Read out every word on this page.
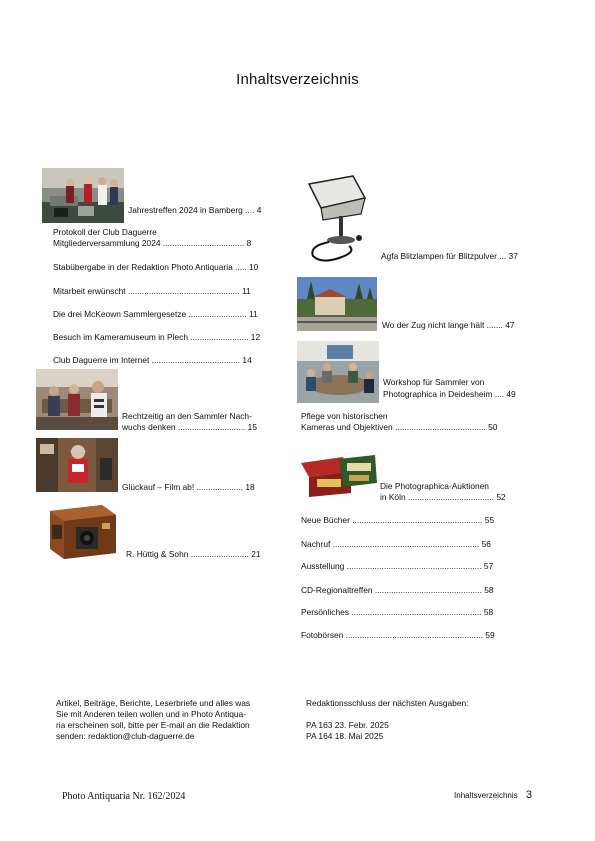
Inhaltsverzeichnis
Jahrestreffen 2024 in Bamberg .... 4
Protokoll der Club Daguerre
Mitgliederversammlung 2024 ................................... 8
Stabübergabe in der Redaktion Photo Antiquaria ..... 10
Mitarbeit erwünscht ................................................ 11
Die drei McKeown Sammlergesetze ......................... 11
Besuch im Kameramuseum in Plech ......................... 12
Club Daguerre im Internet ...................................... 14
Rechtzeitig an den Sammler Nach-
wuchs denken ............................. 15
Glückauf – Film ab! .................... 18
R. Hüttig & Sohn ......................... 21
Agfa Blitzlampen für Blitzpulver ... 37
Wo der Zug nicht lange hält ....... 47
Workshop für Sammler von
Photographica in Deidesheim .... 49
Pflege von historischen
Kameras und Objektiven ....................................... 50
Die Photographica-Auktionen
in Köln ..................................... 52
Neue Bücher ........................................................ 55
Nachruf ............................................................... 56
Ausstellung .......................................................... 57
CD-Regionaltreffen .............................................. 58
Persönliches ........................................................ 58
Fotobörsen ........................................................... 59
Artikel, Beiträge, Berichte, Leserbriefe und alles was
Sie mit Anderen teilen wollen und in Photo Antiqua-
ria erscheinen soll, bitte per E-mail an die Redaktion
senden: redaktion@club-daguerre.de
Redaktionsschluss der nächsten Ausgaben:
PA 163 23. Febr. 2025
PA 164 18. Mai 2025
Photo Antiquaria Nr. 162/2024	Inhaltsverzeichnis 3
